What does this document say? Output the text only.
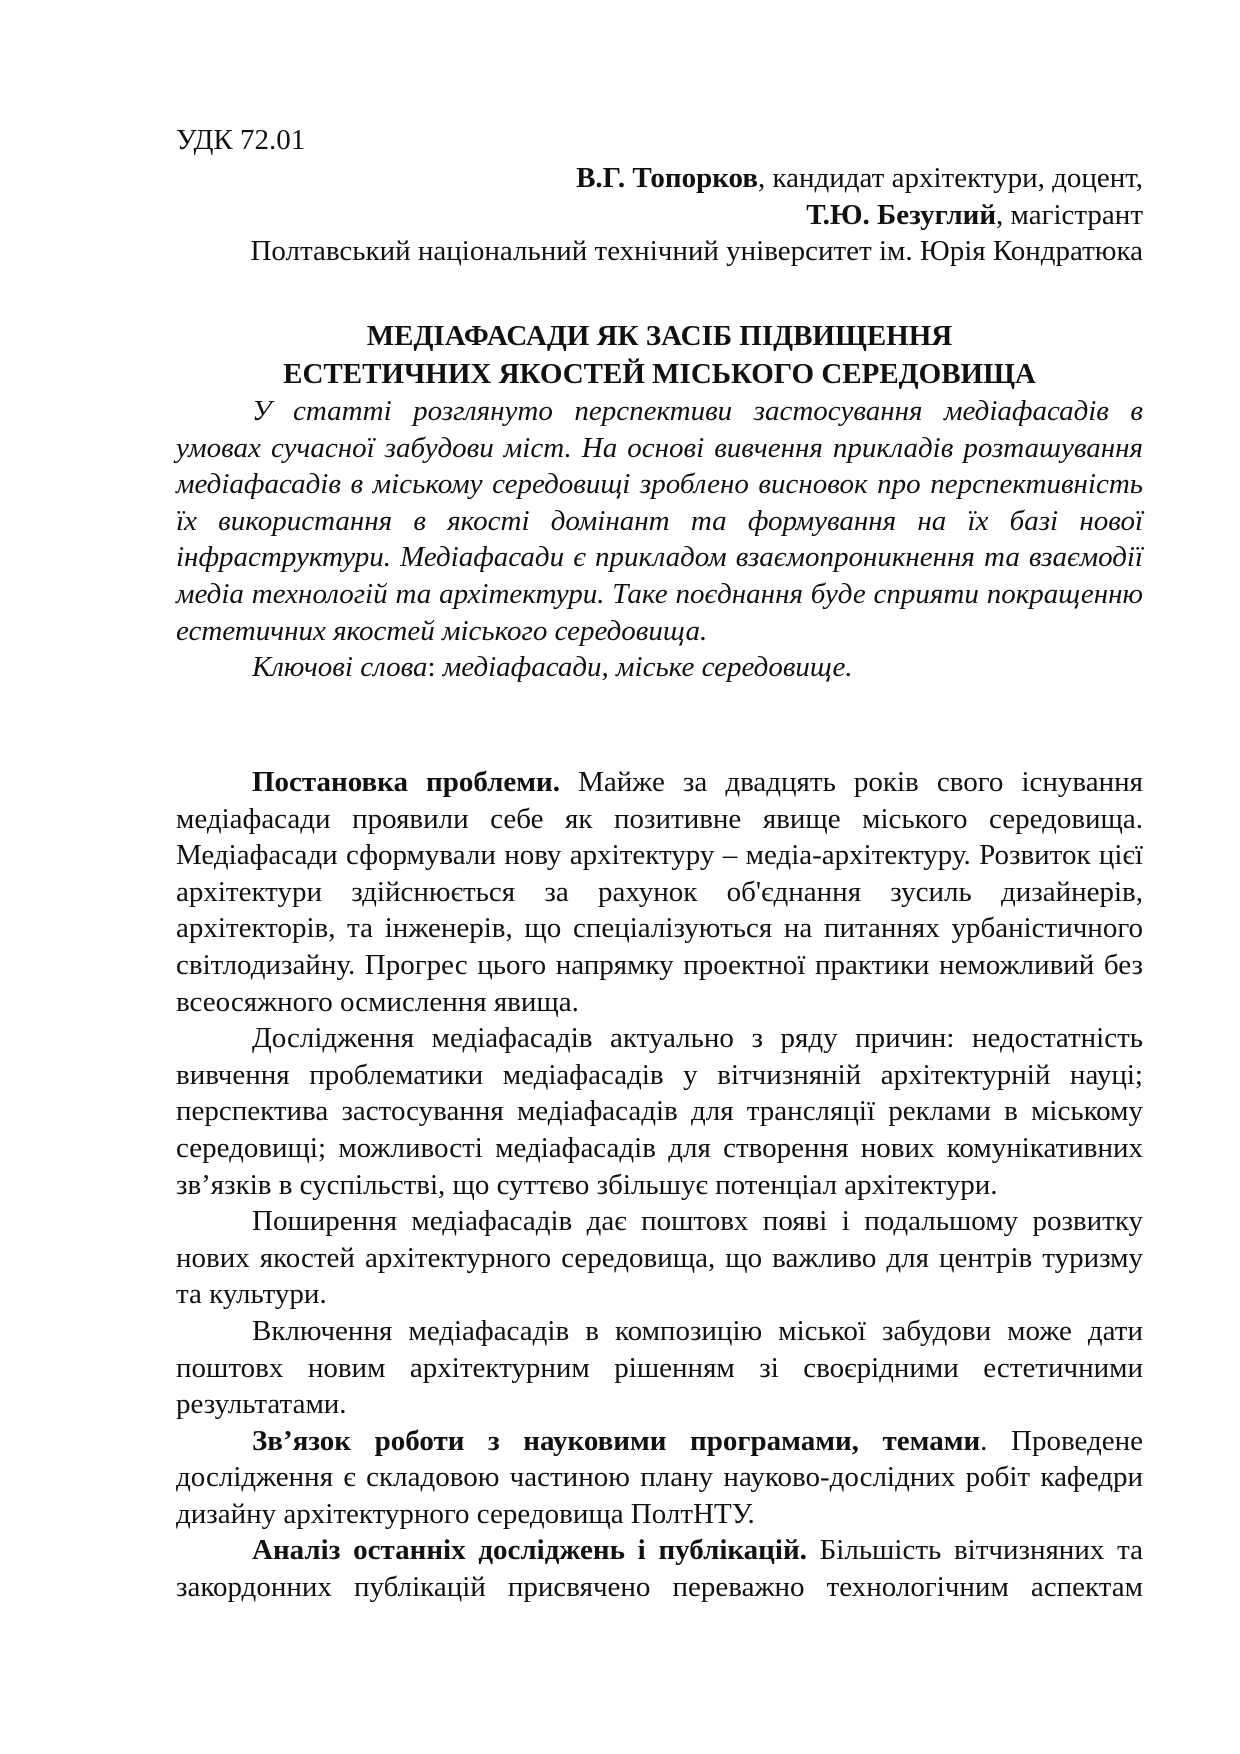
УДК 72.01
В.Г. Топорков, кандидат архітектури, доцент,
Т.Ю. Безуглий, магістрант
Полтавський національний технічний університет ім. Юрія Кондратюка
МЕДІАФАСАДИ ЯК ЗАСІБ ПІДВИЩЕННЯ
ЕСТЕТИЧНИХ ЯКОСТЕЙ МІСЬКОГО СЕРЕДОВИЩА
У статті розглянуто перспективи застосування медіафасадів в
умовах сучасної забудови міст. На основі вивчення прикладів розташування
медіафасадів в міському середовищі зроблено висновок про перспективність
їх використання в якості домінант та формування на їх базі нової
інфраструктури. Медіафасади є прикладом взаємопроникнення та взаємодії
медіа технологій та архітектури. Таке поєднання буде сприяти покращенню
естетичних якостей міського середовища.
Ключові слова: медіафасади, міське середовище.
Постановка проблеми. Майже за двадцять років свого існування
медіафасади проявили себе як позитивне явище міського середовища.
Медіафасади сформували нову архітектуру – медіа-архітектуру. Розвиток цієї
архітектури здійснюється за рахунок об'єднання зусиль дизайнерів,
архітекторів, та інженерів, що спеціалізуються на питаннях урбаністичного
світлодизайну. Прогрес цього напрямку проектної практики неможливий без
всеосяжного осмислення явища.
Дослідження медіафасадів актуально з ряду причин: недостатність
вивчення проблематики медіафасадів у вітчизняній архітектурній науці;
перспектива застосування медіафасадів для трансляції реклами в міському
середовищі; можливості медіафасадів для створення нових комунікативних
зв’язків в суспільстві, що суттєво збільшує потенціал архітектури.
Поширення медіафасадів дає поштовх появі і подальшому розвитку
нових якостей архітектурного середовища, що важливо для центрів туризму
та культури.
Включення медіафасадів в композицію міської забудови може дати
поштовх новим архітектурним рішенням зі своєрідними естетичними
результатами.
Зв’язок роботи з науковими програмами, темами. Проведене
дослідження є складовою частиною плану науково-дослідних робіт кафедри
дизайну архітектурного середовища ПолтНТУ.
Аналіз останніх досліджень і публікацій. Більшість вітчизняних та
закордонних публікацій присвячено переважно технологічним аспектам
